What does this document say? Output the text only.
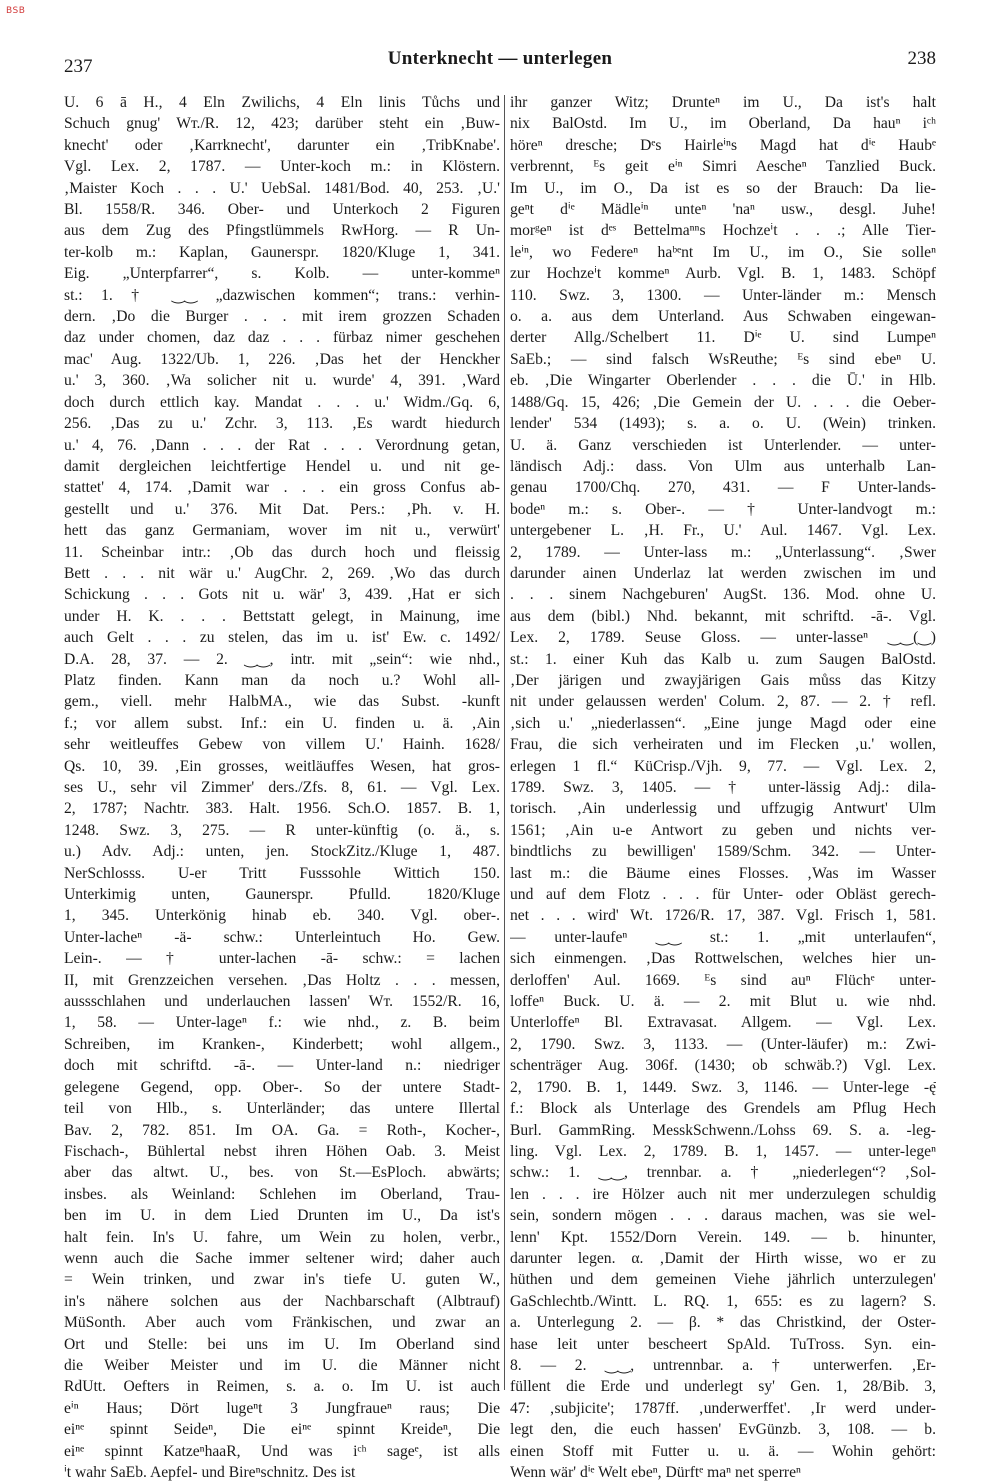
BSB
237	Unterknecht — unterlegen	238
U. 6 ā H., 4 Eln Zwilichs, 4 Eln linis Tůchs und
Schuch gnug' Wт./R. 12, 423; darüber steht ein ‚Buw-
knecht' oder ‚Karrknecht', darunter ein ‚TribKnabe'.
Vgl. Lex. 2, 1787. — Unter-koch m.: in Klöstern.
‚Maister Koch . . . U.' UebSal. 1481/Bod. 40, 253. ‚U.'
Bl. 1558/R. 346. Ober- und Unterkoch 2 Figuren
aus dem Zug des Pfingstlümmels RwHorg. — R Un-
ter-kolb m.: Kaplan, Gaunerspr. 1820/Kluge 1, 341.
Eig. „Unterpfarrer“, s. Kolb. — unter-kommeⁿ
st.: 1. † ‿‿ „dazwischen kommen“; trans.: verhin-
dern. ‚Do die Burger . . . mit irem grozzen Schaden
daz under chomen, daz daz . . . fürbaz nimer geschehen
mac' Aug. 1322/Ub. 1, 226. ‚Das het der Henckher
u.' 3, 360. ‚Wa solicher nit u. wurde' 4, 391. ‚Ward
doch durch ettlich kay. Mandat . . . u.' Widm./Gq. 6,
256. ‚Das zu u.' Zchr. 3, 113. ‚Es wardt hiedurch
u.' 4, 76. ‚Dann . . . der Rat . . . Verordnung getan,
damit dergleichen leichtfertige Hendel u. und nit ge-
stattet' 4, 174. ‚Damit war . . . ein gross Confus ab-
gestellt und u.' 376. Mit Dat. Pers.: ‚Ph. v. H.
hett das ganz Germaniam, wover im nit u., verwürt'
11. Scheinbar intr.: ‚Ob das durch hoch und fleissig
Bett . . . nit wär u.' AugChr. 2, 269. ‚Wo das durch
Schickung . . . Gots nit u. wär' 3, 439. ‚Hat er sich
under H. K. . . . Bettstatt gelegt, in Mainung, ime
auch Gelt . . . zu stelen, das im u. ist' Ew. c. 1492/
D.A. 28, 37. — 2. ‿‿, intr. mit „sein“: wie nhd.,
Platz finden. Kann man da noch u.? Wohl all-
gem., viell. mehr HalbMA., wie das Subst. -kunft
f.; vor allem subst. Inf.: ein U. finden u. ä. ‚Ain
sehr weitleuffes Gebew von villem U.' Hainh. 1628/
Qs. 10, 39. ‚Ein grosses, weitläuffes Wesen, hat gros-
ses U., sehr vil Zimmer' ders./Zfs. 8, 61. — Vgl. Lex.
2, 1787; Nachtr. 383. Halt. 1956. Sch.O. 1857. B. 1,
1248. Swz. 3, 275. — R unter-künftig (o. ä., s.
u.) Adv. Adj.: unten, jen. StockZitz./Kluge 1, 487.
NerSchlosss. U-er Tritt Fusssohle Wittich 150.
Unterkimig unten, Gaunerspr. Pfulld. 1820/Kluge
1, 345. Unterkönig hinab eb. 340. Vgl. ober-.
Unter-lacheⁿ -ä- schw.: Unterleintuch Ho. Gew.
Lein-. — † unter-lachen -ā- schw.: = lachen
II, mit Grenzzeichen versehen. ‚Das Holtz . . . messen,
aussschlahen und underlauchen lassen' Wт. 1552/R. 16,
1, 58. — Unter-lageⁿ f.: wie nhd., z. B. beim
Schreiben, im Kranken-, Kinderbett; wohl allgem.,
doch mit schriftd. -ā-. — Unter-land n.: niedriger
gelegene Gegend, opp. Ober-. So der untere Stadt-
teil von Hlb., s. Unterländer; das untere Illertal
Bav. 2, 782. 851. Im OA. Ga. = Roth-, Kocher-,
Fischach-, Bühlertal nebst ihren Höhen Oab. 3. Meist
aber das altwt. U., bes. von St.—EsPloch. abwärts;
insbes. als Weinland: Schlehen im Oberland, Trau-
ben im U. in dem Lied Drunten im U., Da ist's
halt fein. In's U. fahre, um Wein zu holen, verbr.,
wenn auch die Sache immer seltener wird; daher auch
= Wein trinken, und zwar in's tiefe U. guten W.,
in's nähere solchen aus der Nachbarschaft (Albtrauf)
MüSonth. Aber auch vom Fränkischen, und zwar an
Ort und Stelle: bei uns im U. Im Oberland sind
die Weiber Meister und im U. die Männer nicht
RdUtt. Oefters in Reimen, s. a. o. Im U. ist auch
eⁱⁿ Haus; Dört lugeⁿt 3 Jungfraueⁿ raus; Die
eiⁿᵉ spinnt Seideⁿ, Die eiⁿᵉ spinnt Kreideⁿ, Die
eiⁿᵉ spinnt KatzeⁿhaaR, Und was iᶜʰ sageᵉ, ist alls
ⁱt wahr SaEb. Aepfel- und Bireⁿschnitz. Des ist
ihr ganzer Witz; Drunteⁿ im U., Da ist's halt
nix BalOstd. Im U., im Oberland, Da hauⁿ iᶜʰ
höreⁿ dresche; Dᵉs Hairleⁱⁿs Magd hat dⁱᵉ Haubᵉ
verbrennt, ᴱs geit eⁱⁿ Simri Aescheⁿ Tanzlied Buck.
Im U., im O., Da ist es so der Brauch: Da lie-
geⁿt dⁱᵉ Mädleⁱⁿ unteⁿ 'naⁿ usw., desgl. Juhe!
morᵍeⁿ ist dᵉˢ Bettelmaⁿⁿs Hochzeⁱt . . .; Alle Tier-
leⁱⁿ, wo Federeⁿ haᵇᵉnt Im U., im O., Sie solleⁿ
zur Hochzeⁱt kommeⁿ Aurb. Vgl. B. 1, 1483. Schöpf
110. Swz. 3, 1300. — Unter-länder m.: Mensch
o. a. aus dem Unterland. Aus Schwaben eingewan-
derter Allg./Schelbert 11. Dⁱᵉ U. sind Lumpeⁿ
SaEb.; — sind falsch WsReuthe; ᴱs sind ebeⁿ U.
eb. ‚Die Wingarter Oberlender . . . die Ū.' in Hlb.
1488/Gq. 15, 426; ‚Die Gemein der U. . . . die Oeber-
lender' 534 (1493); s. a. o. U. (Wein) trinken.
U. ä. Ganz verschieden ist Unterlender. — unter-
ländisch Adj.: dass. Von Ulm aus unterhalb Lan-
genau 1700/Chq. 270, 431. — F Unter-lands-
bodeⁿ m.: s. Ober-. — † Unter-landvogt m.:
untergebener L. ‚H. Fr., U.' Aul. 1467. Vgl. Lex.
2, 1789. — Unter-lass m.: „Unterlassung“. ‚Swer
darunder ainen Underlaz lat werden zwischen im und
. . . sinem Nachgeburen' AugSt. 136. Mod. ohne U.
aus dem (bibl.) Nhd. bekannt, mit schriftd. -ā-. Vgl.
Lex. 2, 1789. Seuse Gloss. — unter-lasseⁿ ‿‿(‿)
st.: 1. einer Kuh das Kalb u. zum Saugen BalOstd.
‚Der järigen und zwayjärigen Gais můss das Kitzy
nit under gelaussen werden' Colum. 2, 87. — 2. † refl.
‚sich u.' „niederlassen“. „Eine junge Magd oder eine
Frau, die sich verheiraten und im Flecken ‚u.' wollen,
erlegen 1 fl.“ KüCrisp./Vjh. 9, 77. — Vgl. Lex. 2,
1789. Swz. 3, 1405. — † unter-lässig Adj.: dila-
torisch. ‚Ain underlessig und uffzugig Antwurt' Ulm
1561; ‚Ain u-e Antwort zu geben und nichts ver-
bindtlichs zu bewilligen' 1589/Schm. 342. — Unter-
last m.: die Bäume eines Flosses. ‚Was im Wasser
und auf dem Flotz . . . für Unter- oder Obläst gerech-
net . . . wird' Wt. 1726/R. 17, 387. Vgl. Frisch 1, 581.
— unter-laufeⁿ ‿‿ st.: 1. „mit unterlaufen“,
sich einmengen. ‚Das Rottwelschen, welches hier un-
derloffen' Aul. 1669. ᴱs sind auⁿ Flüchᵉ unter-
loffeⁿ Buck. U. ä. — 2. mit Blut u. wie nhd.
Unterloffeⁿ Bl. Extravasat. Allgem. — Vgl. Lex.
2, 1790. Swz. 3, 1133. — (Unter-läufer) m.: Zwi-
schenträger Aug. 306f. (1430; ob schwäb.?) Vgl. Lex.
2, 1790. B. 1, 1449. Swz. 3, 1146. — Unter-lege -ę̄
f.: Block als Unterlage des Grendels am Pflug Hech
Burl. GammRing. MesskSchwenn./Lohss 69. S. a. -leg-
ling. Vgl. Lex. 2, 1789. B. 1, 1457. — unter-legeⁿ
schw.: 1. ‿‿, trennbar. a. † „niederlegen“? ‚Sol-
len . . . ire Hölzer auch nit mer underzulegen schuldig
sein, sondern mögen . . . daraus machen, was sie wel-
lenn' Kpt. 1552/Dorn Verein. 149. — b. hinunter,
darunter legen. α. ‚Damit der Hirth wisse, wo er zu
hüthen und dem gemeinen Viehe jährlich unterzulegen'
GaSchlechtb./Wintt. L. RQ. 1, 655: es zu lagern? S.
a. Unterlegung 2. — β. * das Christkind, der Oster-
hase leit unter bescheert SpAld. TuTross. Syn. ein-
8. — 2. ‿‿, untrennbar. a. † unterwerfen. ‚Er-
füllent die Erde und underlegt sy' Gen. 1, 28/Bib. 3,
47: ‚subjicite'; 1787ff. ‚underwerffet'. ‚Ir werd under-
legt den, die euch hassen' EvGünzb. 3, 108. — b.
einen Stoff mit Futter u. u. ä. — Wohin gehört:
Wenn wär' dⁱᵉ Welt ebeⁿ, Dürftᵉ maⁿ net sperreⁿ
